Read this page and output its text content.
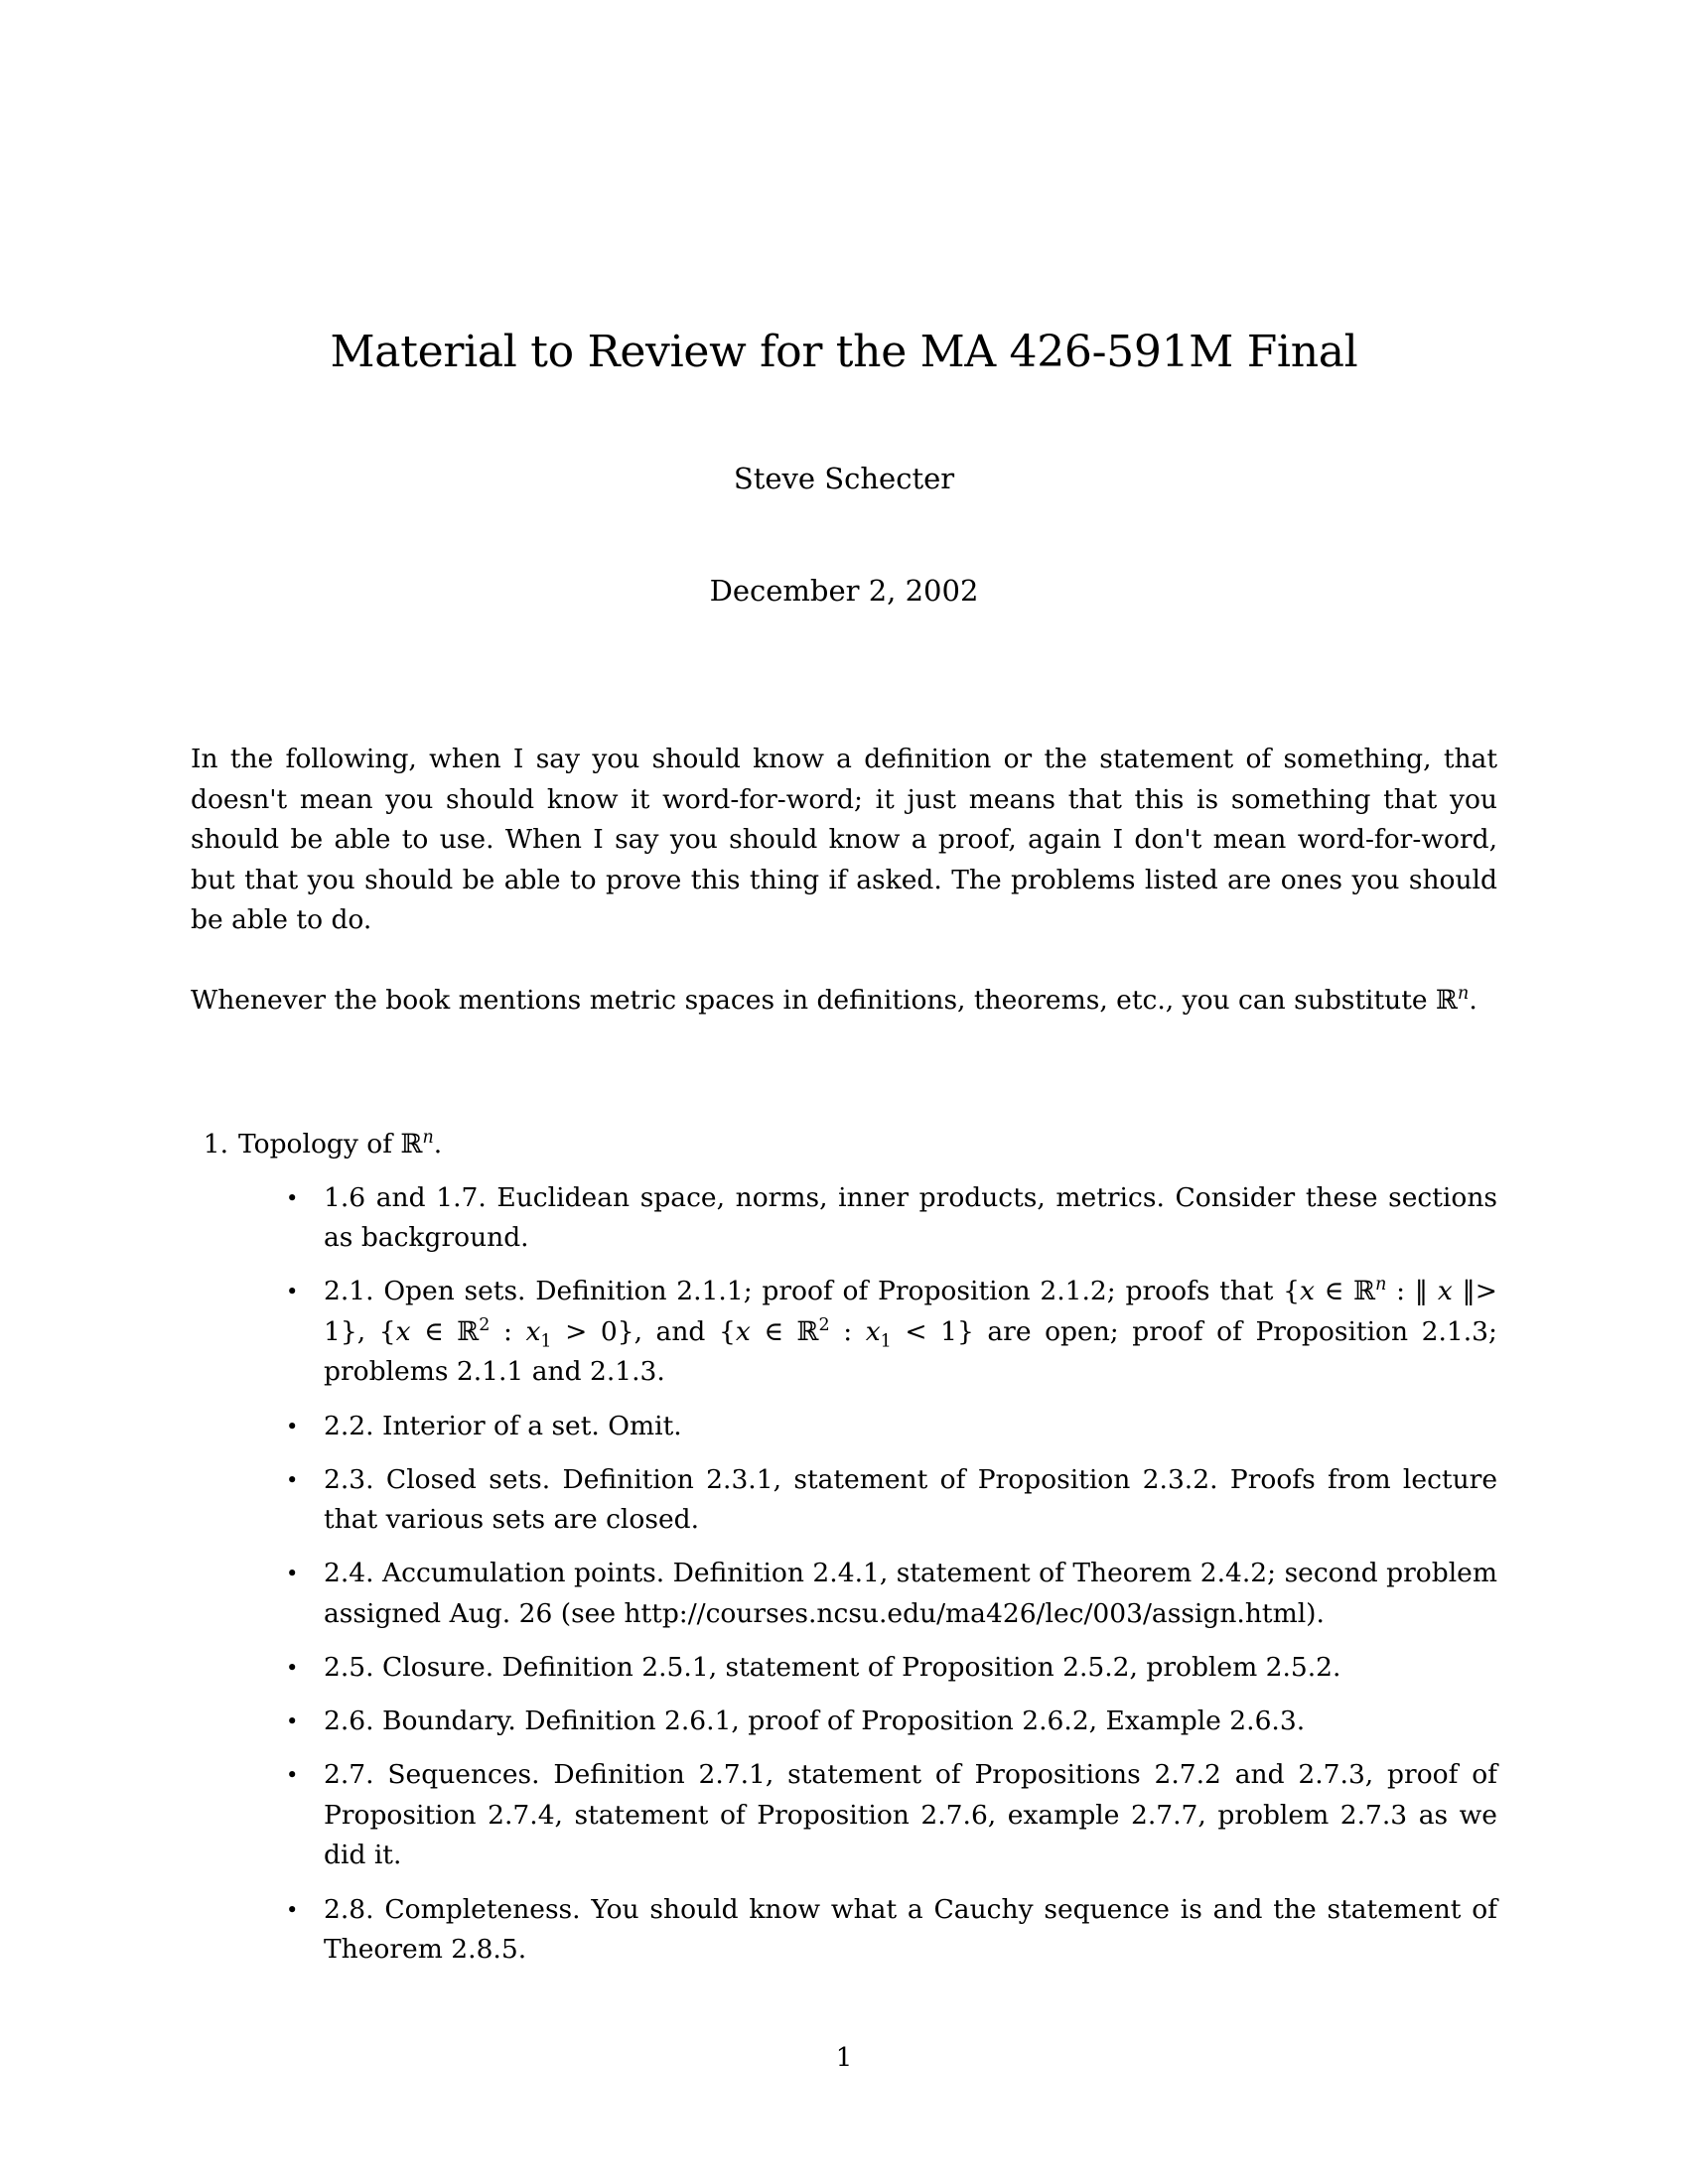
Material to Review for the MA 426-591M Final
Steve Schecter
December 2, 2002

In the following, when I say you should know a definition or the statement of something, that doesn't mean you should know it word-for-word; it just means that this is something that you should be able to use. When I say you should know a proof, again I don't mean word-for-word, but that you should be able to prove this thing if asked. The problems listed are ones you should be able to do.

Whenever the book mentions metric spaces in definitions, theorems, etc., you can substitute ℝ$^n$.

1. Topology of ℝ$^n$.
• 1.6 and 1.7. Euclidean space, norms, inner products, metrics. Consider these sections as background.
• 2.1. Open sets. Definition 2.1.1; proof of Proposition 2.1.2; proofs that {x ∈ ℝ$^n$ : ‖ x ‖> 1}, {x ∈ ℝ$^2$ : $x_1 > 0$}, and {x ∈ ℝ$^2$ : $x_1 < 1$} are open; proof of Proposition 2.1.3; problems 2.1.1 and 2.1.3.
• 2.2. Interior of a set. Omit.
• 2.3. Closed sets. Definition 2.3.1, statement of Proposition 2.3.2. Proofs from lecture that various sets are closed.
• 2.4. Accumulation points. Definition 2.4.1, statement of Theorem 2.4.2; second problem assigned Aug. 26 (see http://courses.ncsu.edu/ma426/lec/003/assign.html).
• 2.5. Closure. Definition 2.5.1, statement of Proposition 2.5.2, problem 2.5.2.
• 2.6. Boundary. Definition 2.6.1, proof of Proposition 2.6.2, Example 2.6.3.
• 2.7. Sequences. Definition 2.7.1, statement of Propositions 2.7.2 and 2.7.3, proof of Proposition 2.7.4, statement of Proposition 2.7.6, example 2.7.7, problem 2.7.3 as we did it.
• 2.8. Completeness. You should know what a Cauchy sequence is and the statement of Theorem 2.8.5.
1
